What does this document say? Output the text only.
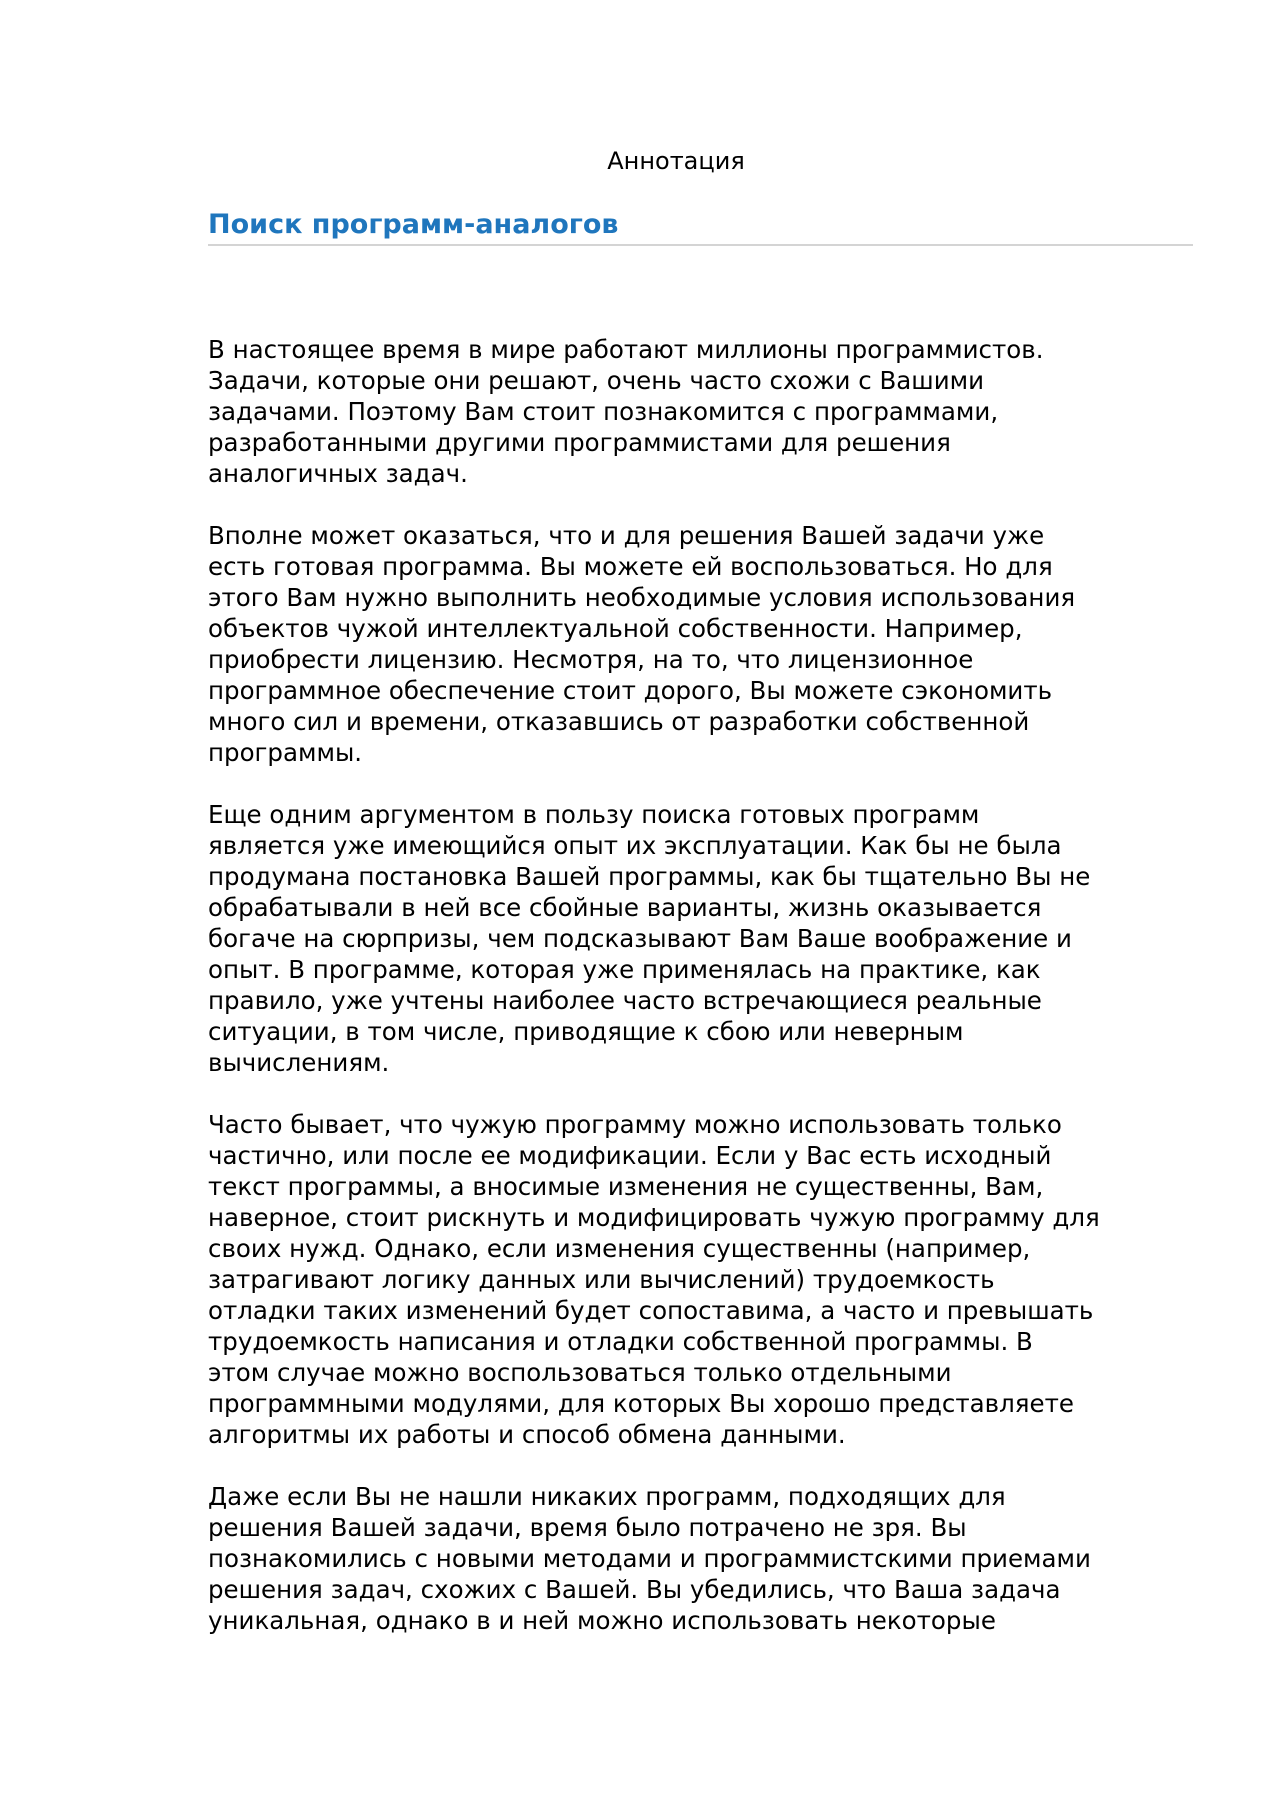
Аннотация
Поиск программ-аналогов

В настоящее время в мире работают миллионы программистов.
Задачи, которые они решают, очень часто схожи с Вашими
задачами. Поэтому Вам стоит познакомится с программами,
разработанными другими программистами для решения
аналогичных задач.

Вполне может оказаться, что и для решения Вашей задачи уже
есть готовая программа. Вы можете ей воспользоваться. Но для
этого Вам нужно выполнить необходимые условия использования
объектов чужой интеллектуальной собственности. Например,
приобрести лицензию. Несмотря, на то, что лицензионное
программное обеспечение стоит дорого, Вы можете сэкономить
много сил и времени, отказавшись от разработки собственной
программы.

Еще одним аргументом в пользу поиска готовых программ
является уже имеющийся опыт их эксплуатации. Как бы не была
продумана постановка Вашей программы, как бы тщательно Вы не
обрабатывали в ней все сбойные варианты, жизнь оказывается
богаче на сюрпризы, чем подсказывают Вам Ваше воображение и
опыт. В программе, которая уже применялась на практике, как
правило, уже учтены наиболее часто встречающиеся реальные
ситуации, в том числе, приводящие к сбою или неверным
вычислениям.

Часто бывает, что чужую программу можно использовать только
частично, или после ее модификации. Если у Вас есть исходный
текст программы, а вносимые изменения не существенны, Вам,
наверное, стоит рискнуть и модифицировать чужую программу для
своих нужд. Однако, если изменения существенны (например,
затрагивают логику данных или вычислений) трудоемкость
отладки таких изменений будет сопоставима, а часто и превышать
трудоемкость написания и отладки собственной программы. В
этом случае можно воспользоваться только отдельными
программными модулями, для которых Вы хорошо представляете
алгоритмы их работы и способ обмена данными.

Даже если Вы не нашли никаких программ, подходящих для
решения Вашей задачи, время было потрачено не зря. Вы
познакомились с новыми методами и программистскими приемами
решения задач, схожих с Вашей. Вы убедились, что Ваша задача
уникальная, однако в и ней можно использовать некоторые
